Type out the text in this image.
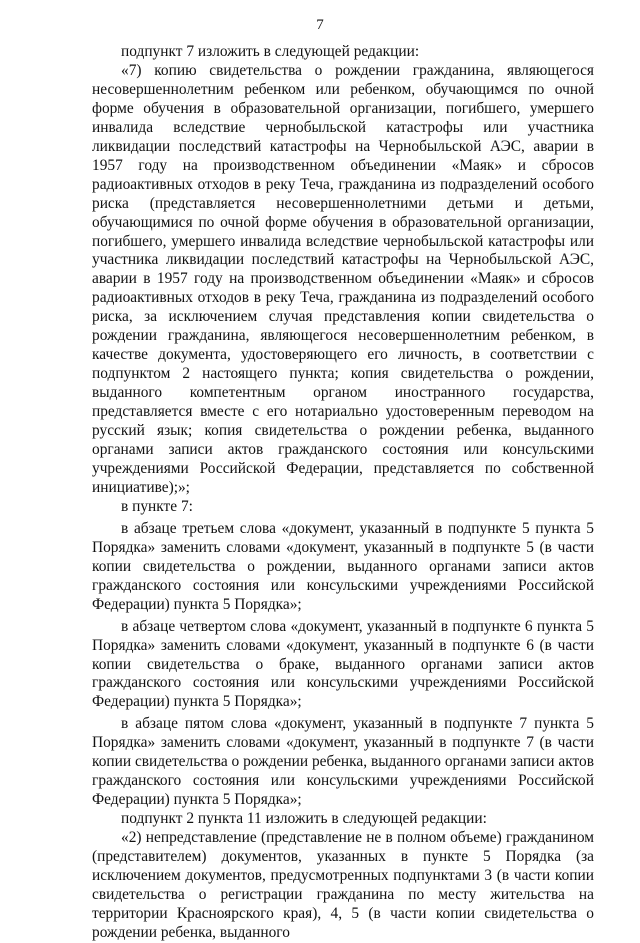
7

подпункт 7 изложить в следующей редакции:

«7) копию свидетельства о рождении гражданина, являющегося несовершеннолетним ребенком или ребенком, обучающимся по очной форме обучения в образовательной организации, погибшего, умершего инвалида вследствие чернобыльской катастрофы или участника ликвидации последствий катастрофы на Чернобыльской АЭС, аварии в 1957 году на производственном объединении «Маяк» и сбросов радиоактивных отходов в реку Теча, гражданина из подразделений особого риска (представляется несовершеннолетними детьми и детьми, обучающимися по очной форме обучения в образовательной организации, погибшего, умершего инвалида вследствие чернобыльской катастрофы или участника ликвидации последствий катастрофы на Чернобыльской АЭС, аварии в 1957 году на производственном объединении «Маяк» и сбросов радиоактивных отходов в реку Теча, гражданина из подразделений особого риска, за исключением случая представления копии свидетельства о рождении гражданина, являющегося несовершеннолетним ребенком, в качестве документа, удостоверяющего его личность, в соответствии с подпунктом 2 настоящего пункта; копия свидетельства о рождении, выданного компетентным органом иностранного государства, представляется вместе с его нотариально удостоверенным переводом на русский язык; копия свидетельства о рождении ребенка, выданного органами записи актов гражданского состояния или консульскими учреждениями Российской Федерации, представляется по собственной инициативе);»;

в пункте 7:

в абзаце третьем слова «документ, указанный в подпункте 5 пункта 5 Порядка» заменить словами «документ, указанный в подпункте 5 (в части копии свидетельства о рождении, выданного органами записи актов гражданского состояния или консульскими учреждениями Российской Федерации) пункта 5 Порядка»;

в абзаце четвертом слова «документ, указанный в подпункте 6 пункта 5 Порядка» заменить словами «документ, указанный в подпункте 6 (в части копии свидетельства о браке, выданного органами записи актов гражданского состояния или консульскими учреждениями Российской Федерации) пункта 5 Порядка»;

в абзаце пятом слова «документ, указанный в подпункте 7 пункта 5 Порядка» заменить словами «документ, указанный в подпункте 7 (в части копии свидетельства о рождении ребенка, выданного органами записи актов гражданского состояния или консульскими учреждениями Российской Федерации) пункта 5 Порядка»;

подпункт 2 пункта 11 изложить в следующей редакции:

«2) непредставление (представление не в полном объеме) гражданином (представителем) документов, указанных в пункте 5 Порядка (за исключением документов, предусмотренных подпунктами 3 (в части копии свидетельства о регистрации гражданина по месту жительства на территории Красноярского края), 4, 5 (в части копии свидетельства о рождении ребенка, выданного
